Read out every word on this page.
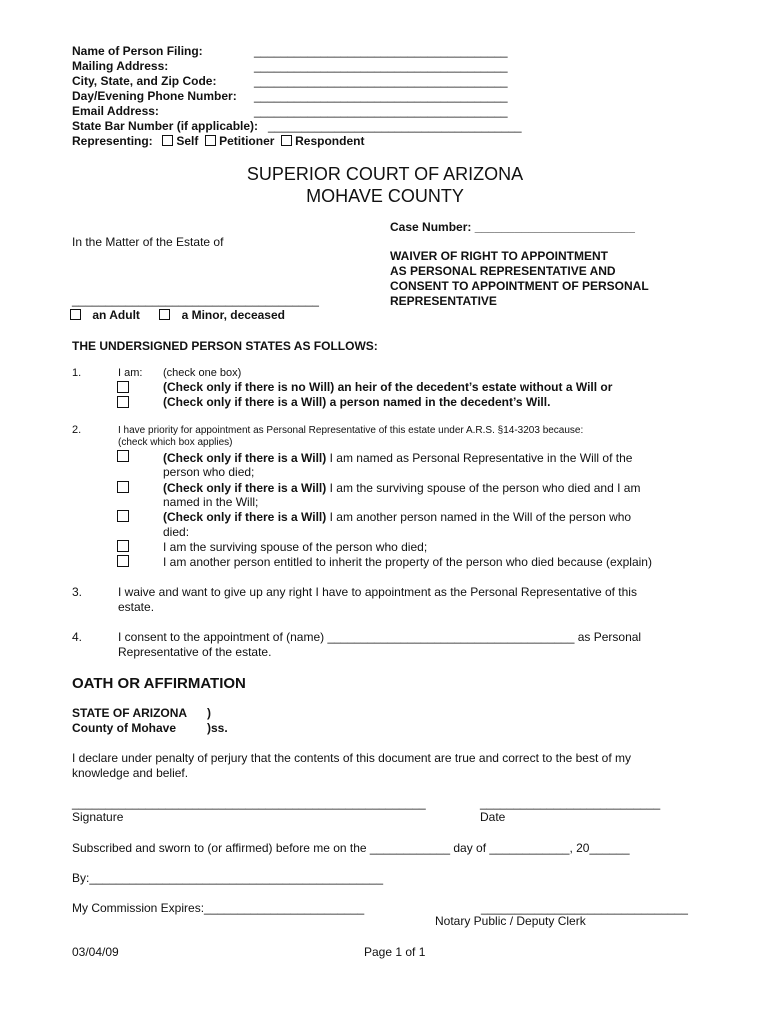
Name of Person Filing:	______________________________________
Mailing Address:	______________________________________
City, State, and Zip Code:	______________________________________
Day/Evening Phone Number: ______________________________________
Email Address:	______________________________________
State Bar Number (if applicable): ______________________________________
Representing: Self Petitioner Respondent
SUPERIOR COURT OF ARIZONA
MOHAVE COUNTY
Case Number: ________________________
In the Matter of the Estate of
WAIVER OF RIGHT TO APPOINTMENT
AS PERSONAL REPRESENTATIVE AND
CONSENT TO APPOINTMENT OF PERSONAL
REPRESENTATIVE
_____________________________________
an Adult	a Minor, deceased
THE UNDERSIGNED PERSON STATES AS FOLLOWS:
1.	I am: (check one box)
(Check only if there is no Will) an heir of the decedent’s estate without a Will or
(Check only if there is a Will) a person named in the decedent’s Will.
2.	I have priority for appointment as Personal Representative of this estate under A.R.S. §14-3203 because:
(check which box applies)
(Check only if there is a Will) I am named as Personal Representative in the Will of the
person who died;
(Check only if there is a Will) I am the surviving spouse of the person who died and I am
named in the Will;
(Check only if there is a Will) I am another person named in the Will of the person who
died:
I am the surviving spouse of the person who died;
I am another person entitled to inherit the property of the person who died because (explain)
3.	I waive and want to give up any right I have to appointment as the Personal Representative of this
estate.
4.	I consent to the appointment of (name) _____________________________________ as Personal
Representative of the estate.
OATH OR AFFIRMATION
STATE OF ARIZONA )
County of Mohave	)ss.
I declare under penalty of perjury that the contents of this document are true and correct to the best of my
knowledge and belief.
_____________________________________________________	___________________________
Signature	Date
Subscribed and sworn to (or affirmed) before me on the ____________ day of ____________, 20______
By:____________________________________________
My Commission Expires:________________________	_______________________________
Notary Public / Deputy Clerk
03/04/09	Page 1 of 1
